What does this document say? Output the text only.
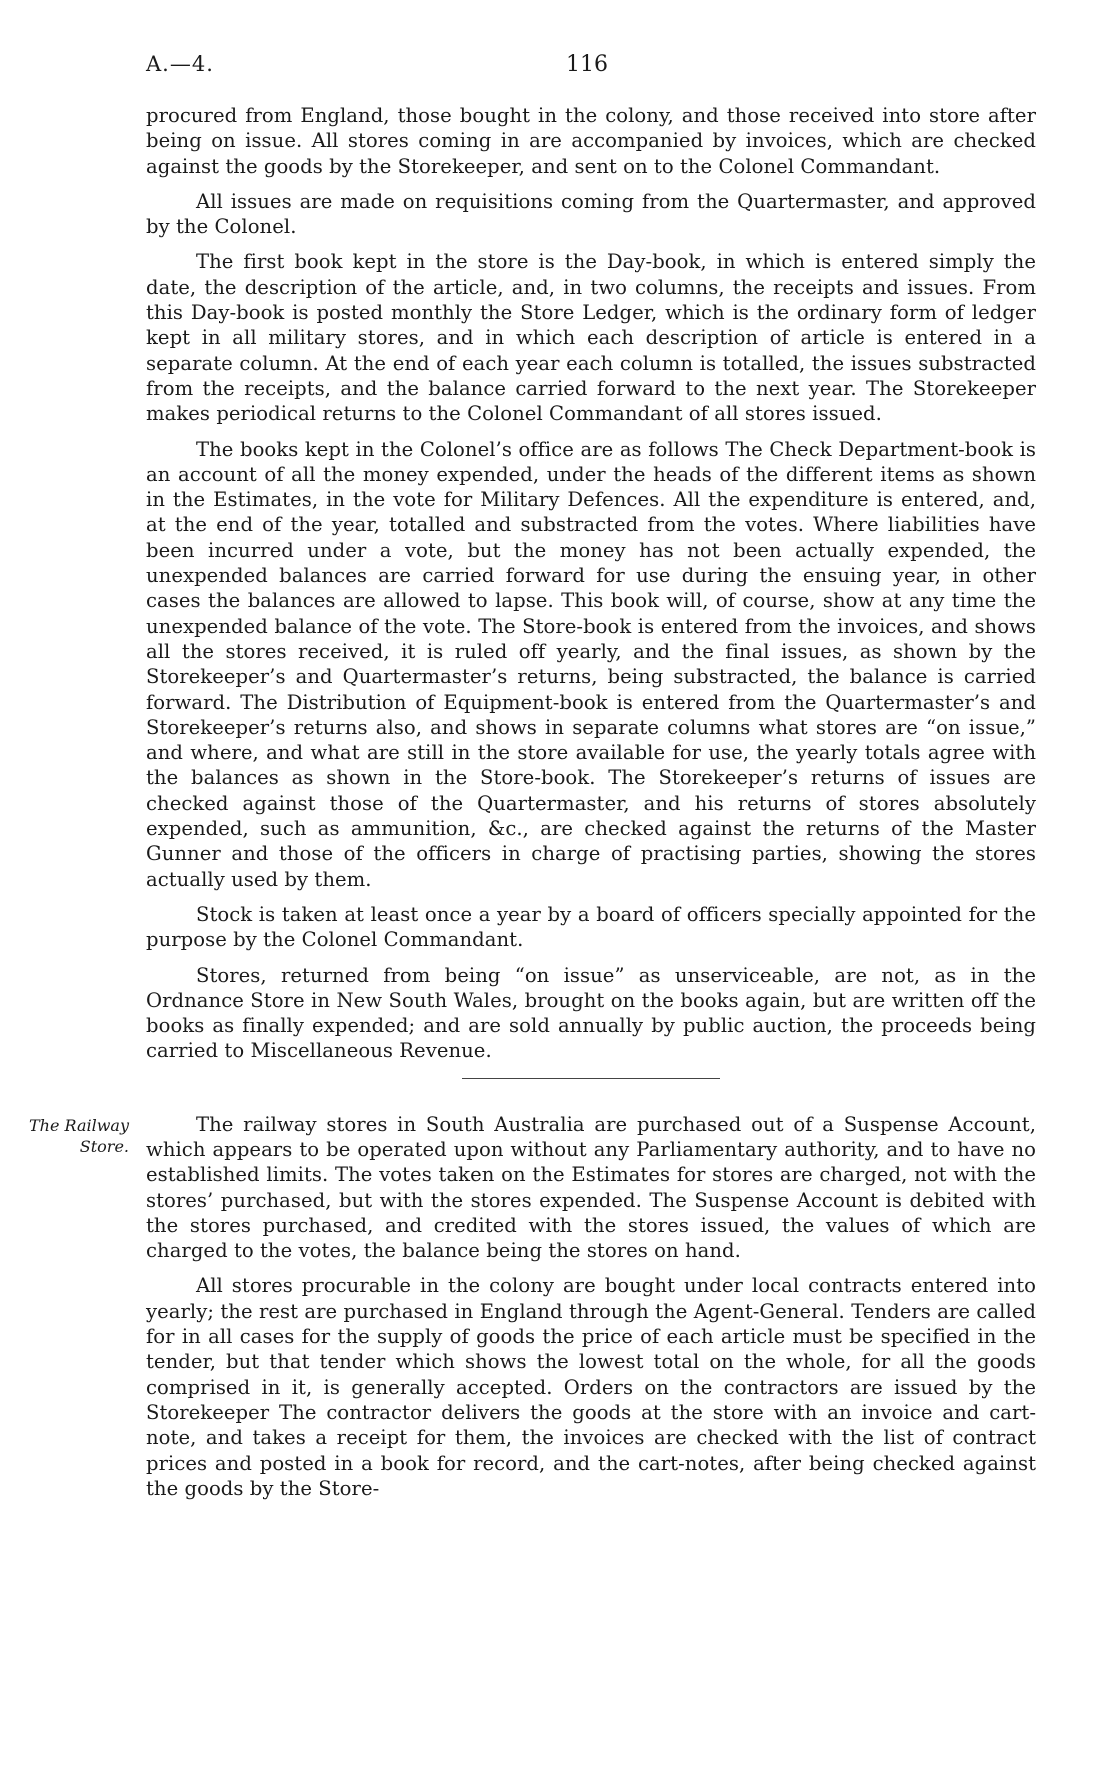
A.—4.	116

procured from England, those bought in the colony, and those received into store after being on issue. All stores coming in are accompanied by invoices, which are checked against the goods by the Storekeeper, and sent on to the Colonel Commandant.

All issues are made on requisitions coming from the Quartermaster, and approved by the Colonel.

The first book kept in the store is the Day-book, in which is entered simply the date, the description of the article, and, in two columns, the receipts and issues. From this Day-book is posted monthly the Store Ledger, which is the ordinary form of ledger kept in all military stores, and in which each description of article is entered in a separate column. At the end of each year each column is totalled, the issues substracted from the receipts, and the balance carried forward to the next year. The Storekeeper makes periodical returns to the Colonel Commandant of all stores issued.

The books kept in the Colonel’s office are as follows The Check Department-book is an account of all the money expended, under the heads of the different items as shown in the Estimates, in the vote for Military Defences. All the expenditure is entered, and, at the end of the year, totalled and substracted from the votes. Where liabilities have been incurred under a vote, but the money has not been actually expended, the unexpended balances are carried forward for use during the ensuing year, in other cases the balances are allowed to lapse. This book will, of course, show at any time the unexpended balance of the vote. The Store-book is entered from the invoices, and shows all the stores received, it is ruled off yearly, and the final issues, as shown by the Storekeeper’s and Quartermaster’s returns, being substracted, the balance is carried forward. The Distribution of Equipment-book is entered from the Quartermaster’s and Storekeeper’s returns also, and shows in separate columns what stores are “on issue,” and where, and what are still in the store available for use, the yearly totals agree with the balances as shown in the Store-book. The Storekeeper’s returns of issues are checked against those of the Quartermaster, and his returns of stores absolutely expended, such as ammunition, &c., are checked against the returns of the Master Gunner and those of the officers in charge of practising parties, showing the stores actually used by them.

Stock is taken at least once a year by a board of officers specially appointed for the purpose by the Colonel Commandant.

Stores, returned from being “on issue” as unserviceable, are not, as in the Ordnance Store in New South Wales, brought on the books again, but are written off the books as finally expended; and are sold annually by public auction, the proceeds being carried to Miscellaneous Revenue.

The Railway Store.

The railway stores in South Australia are purchased out of a Suspense Account, which appears to be operated upon without any Parliamentary authority, and to have no established limits. The votes taken on the Estimates for stores are charged, not with the stores’ purchased, but with the stores expended. The Suspense Account is debited with the stores purchased, and credited with the stores issued, the values of which are charged to the votes, the balance being the stores on hand.

All stores procurable in the colony are bought under local contracts entered into yearly; the rest are purchased in England through the Agent-General. Tenders are called for in all cases for the supply of goods the price of each article must be specified in the tender, but that tender which shows the lowest total on the whole, for all the goods comprised in it, is generally accepted. Orders on the contractors are issued by the Storekeeper The contractor delivers the goods at the store with an invoice and cart-note, and takes a receipt for them, the invoices are checked with the list of contract prices and posted in a book for record, and the cart-notes, after being checked against the goods by the Store-
